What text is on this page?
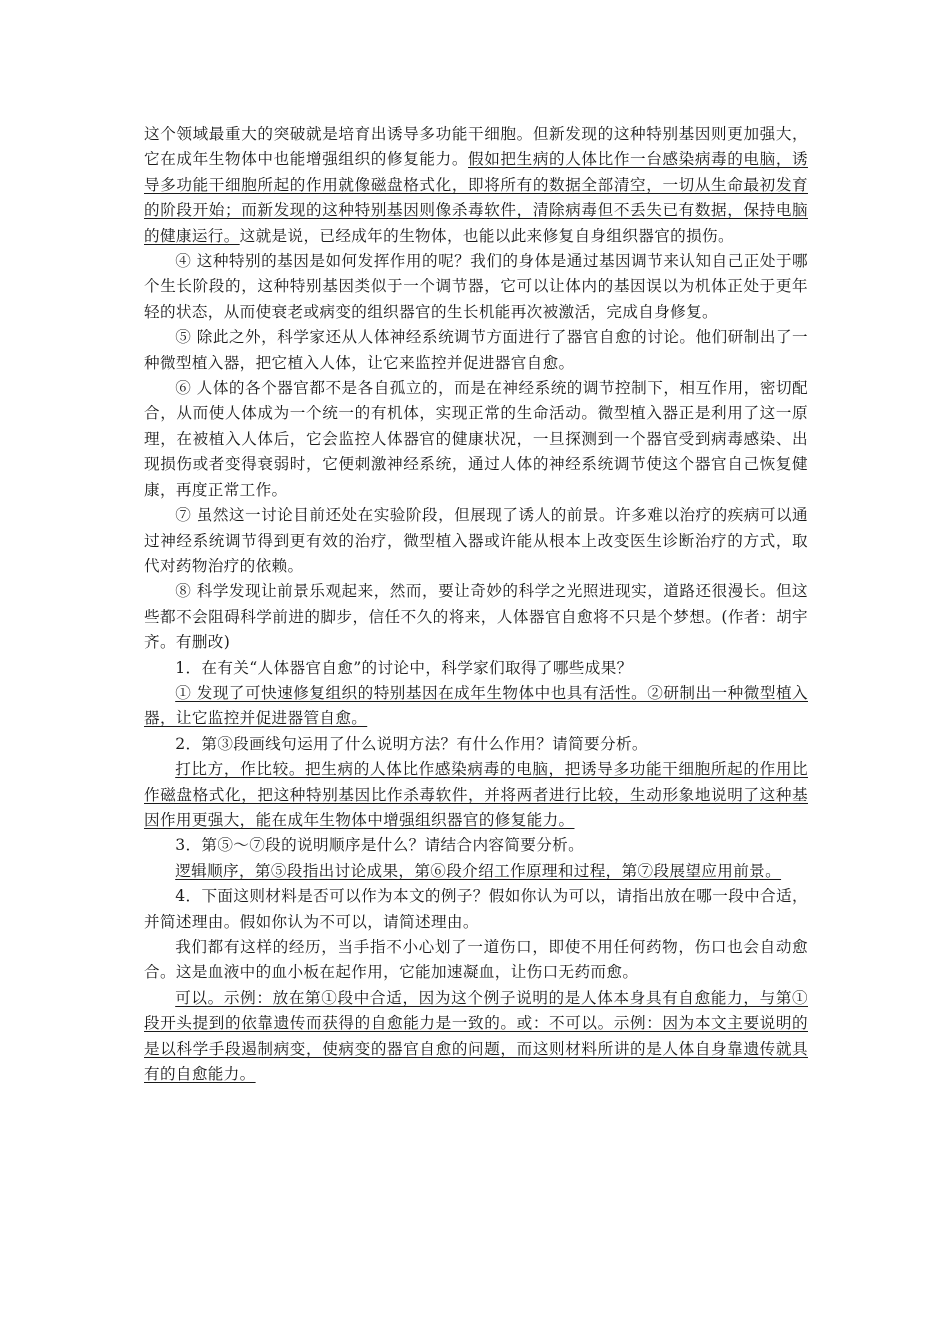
这个领域最重大的突破就是培育出诱导多功能干细胞。但新发现的这种特别基因则更加强大，它在成年生物体中也能增强组织的修复能力。假如把生病的人体比作一台感染病毒的电脑，诱导多功能干细胞所起的作用就像磁盘格式化，即将所有的数据全部清空，一切从生命最初发育的阶段开始；而新发现的这种特别基因则像杀毒软件，清除病毒但不丢失已有数据，保持电脑的健康运行。这就是说，已经成年的生物体，也能以此来修复自身组织器官的损伤。

④ 这种特别的基因是如何发挥作用的呢？我们的身体是通过基因调节来认知自己正处于哪个生长阶段的，这种特别基因类似于一个调节器，它可以让体内的基因误以为机体正处于更年轻的状态，从而使衰老或病变的组织器官的生长机能再次被激活，完成自身修复。

⑤ 除此之外，科学家还从人体神经系统调节方面进行了器官自愈的讨论。他们研制出了一种微型植入器，把它植入人体，让它来监控并促进器官自愈。

⑥ 人体的各个器官都不是各自孤立的，而是在神经系统的调节控制下，相互作用，密切配合，从而使人体成为一个统一的有机体，实现正常的生命活动。微型植入器正是利用了这一原理，在被植入人体后，它会监控人体器官的健康状况，一旦探测到一个器官受到病毒感染、出现损伤或者变得衰弱时，它便刺激神经系统，通过人体的神经系统调节使这个器官自己恢复健康，再度正常工作。

⑦ 虽然这一讨论目前还处在实验阶段，但展现了诱人的前景。许多难以治疗的疾病可以通过神经系统调节得到更有效的治疗，微型植入器或许能从根本上改变医生诊断治疗的方式，取代对药物治疗的依赖。

⑧ 科学发现让前景乐观起来，然而，要让奇妙的科学之光照进现实，道路还很漫长。但这些都不会阻碍科学前进的脚步，信任不久的将来，人体器官自愈将不只是个梦想。(作者：胡宇齐。有删改)

1．在有关“人体器官自愈”的讨论中，科学家们取得了哪些成果？

① 发现了可快速修复组织的特别基因在成年生物体中也具有活性。②研制出一种微型植入器，让它监控并促进器管自愈。

2．第③段画线句运用了什么说明方法？有什么作用？请简要分析。

打比方，作比较。把生病的人体比作感染病毒的电脑，把诱导多功能干细胞所起的作用比作磁盘格式化，把这种特别基因比作杀毒软件，并将两者进行比较，生动形象地说明了这种基因作用更强大，能在成年生物体中增强组织器官的修复能力。

3．第⑤～⑦段的说明顺序是什么？请结合内容简要分析。

逻辑顺序，第⑤段指出讨论成果，第⑥段介绍工作原理和过程，第⑦段展望应用前景。

4．下面这则材料是否可以作为本文的例子？假如你认为可以，请指出放在哪一段中合适，并简述理由。假如你认为不可以，请简述理由。

我们都有这样的经历，当手指不小心划了一道伤口，即使不用任何药物，伤口也会自动愈合。这是血液中的血小板在起作用，它能加速凝血，让伤口无药而愈。

可以。示例：放在第①段中合适，因为这个例子说明的是人体本身具有自愈能力，与第①段开头提到的依靠遗传而获得的自愈能力是一致的。或：不可以。示例：因为本文主要说明的是以科学手段遏制病变，使病变的器官自愈的问题，而这则材料所讲的是人体自身靠遗传就具有的自愈能力。
